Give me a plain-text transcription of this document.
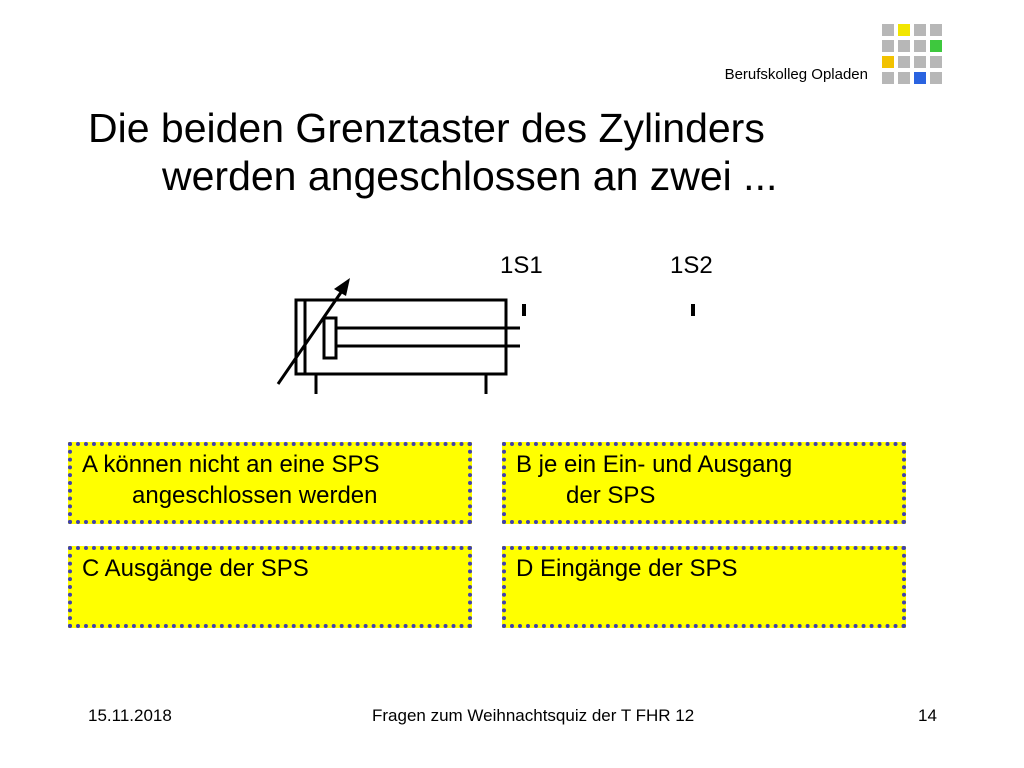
Berufskolleg Opladen
Die beiden Grenztaster des Zylinders
werden angeschlossen an zwei ...
1S1	1S2
A können nicht an eine SPS
angeschlossen werden
B je ein Ein- und Ausgang
der SPS
C Ausgänge der SPS	D Eingänge der SPS
15.11.2018	Fragen zum Weihnachtsquiz der T FHR 12	14
